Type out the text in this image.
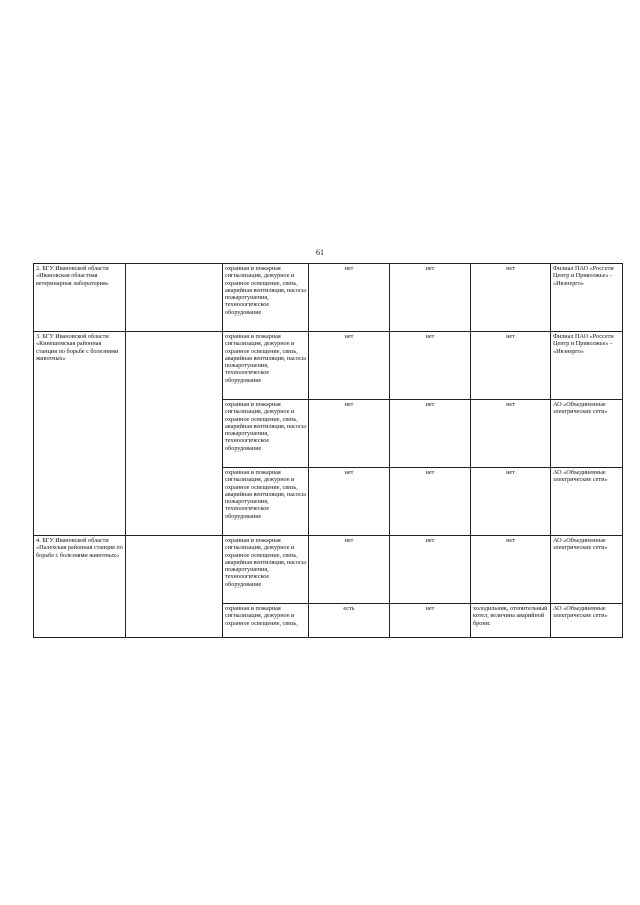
61
2. БГУ Ивановской области «Ивановская областная ветеринарная лаборатория»		охранная и пожарная сигнализация, дежурное и охранное освещение, связь, аварийная вентиляция, насосы пожаротушения, технологическое оборудование	нет	нет	нет	Филиал ПАО «Россети Центр и Приволжье» - «Ивэнерго»

3. БГУ Ивановской области «Кинешемская районная станция по борьбе с болезнями животных»		охранная и пожарная сигнализация, дежурное и охранное освещение, связь, аварийная вентиляция, насосы пожаротушения, технологическое оборудование	нет	нет	нет	Филиал ПАО «Россети Центр и Приволжье» - «Ивэнерго»

		охранная и пожарная сигнализация, дежурное и охранное освещение, связь, аварийная вентиляция, насосы пожаротушения, технологическое оборудование	нет	нет	нет	АО «Объединенные электрические сети»

		охранная и пожарная сигнализация, дежурное и охранное освещение, связь, аварийная вентиляция, насосы пожаротушения, технологическое оборудование	нет	нет	нет	АО «Объединенные электрические сети»

4. БГУ Ивановской области «Палехская районная станция по борьбе с болезнями животных»		охранная и пожарная сигнализация, дежурное и охранное освещение, связь, аварийная вентиляция, насосы пожаротушения, технологическое оборудование	нет	нет	нет	АО «Объединенные электрические сети»

		охранная и пожарная сигнализация, дежурное и охранное освещение, связь,	есть	нет	холодильник, отопительный котел, величина аварийной брони:	АО «Объединенные электрические сети»
